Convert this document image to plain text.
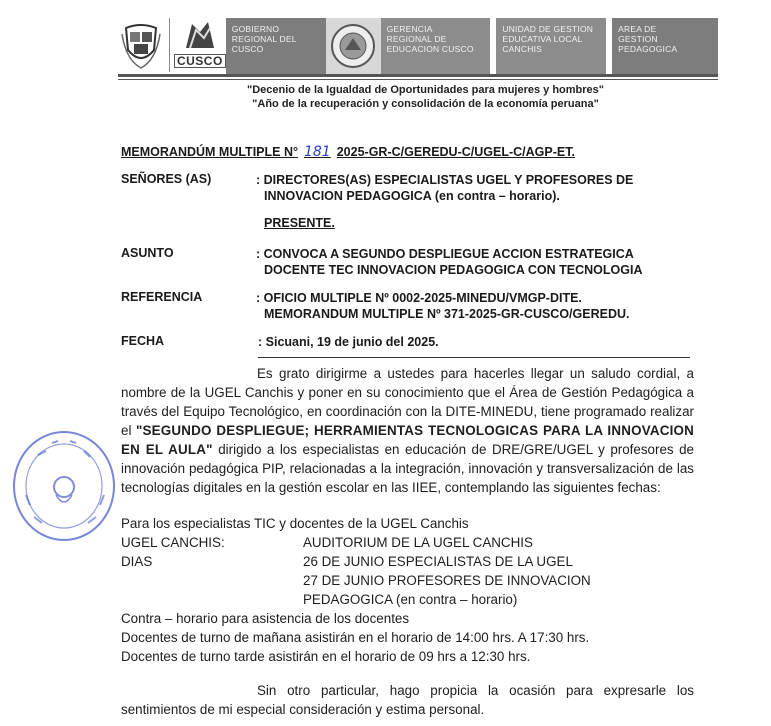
CUSCO
GOBIERNO
REGIONAL DEL
CUSCO
GERENCIA
REGIONAL DE
EDUCACION CUSCO
UNIDAD DE GESTION
EDUCATIVA LOCAL
CANCHIS
AREA DE
GESTION
PEDAGOGICA
"Decenio de la Igualdad de Oportunidades para mujeres y hombres"
"Año de la recuperación y consolidación de la economía peruana"
MEMORANDÚM MULTIPLE N° 181 2025-GR-C/GEREDU-C/UGEL-C/AGP-ET.
SEÑORES (AS)	: DIRECTORES(AS) ESPECIALISTAS UGEL Y PROFESORES DE
INNOVACION PEDAGOGICA (en contra – horario).
PRESENTE.
ASUNTO	: CONVOCA A SEGUNDO DESPLIEGUE ACCION ESTRATEGICA
DOCENTE TEC INNOVACION PEDAGOGICA CON TECNOLOGIA
REFERENCIA	: OFICIO MULTIPLE Nº 0002-2025-MINEDU/VMGP-DITE.
MEMORANDUM MULTIPLE Nº 371-2025-GR-CUSCO/GEREDU.
FECHA	: Sicuani, 19 de junio del 2025.
Es grato dirigirme a ustedes para hacerles llegar un saludo cordial, a nombre de la UGEL Canchis y poner en su conocimiento que el Área de Gestión Pedagógica a través del Equipo Tecnológico, en coordinación con la DITE-MINEDU, tiene programado realizar el "SEGUNDO DESPLIEGUE; HERRAMIENTAS TECNOLOGICAS PARA LA INNOVACION EN EL AULA" dirigido a los especialistas en educación de DRE/GRE/UGEL y profesores de innovación pedagógica PIP, relacionadas a la integración, innovación y transversalización de las tecnologías digitales en la gestión escolar en las IIEE, contemplando las siguientes fechas:
Para los especialistas TIC y docentes de la UGEL Canchis
UGEL CANCHIS:	AUDITORIUM DE LA UGEL CANCHIS
DIAS	26 DE JUNIO ESPECIALISTAS DE LA UGEL
27 DE JUNIO PROFESORES DE INNOVACION
PEDAGOGICA (en contra – horario)
Contra – horario para asistencia de los docentes
Docentes de turno de mañana asistirán en el horario de 14:00 hrs. A 17:30 hrs.
Docentes de turno tarde asistirán en el horario de 09 hrs a 12:30 hrs.
Sin otro particular, hago propicia la ocasión para expresarle los sentimientos de mi especial consideración y estima personal.
